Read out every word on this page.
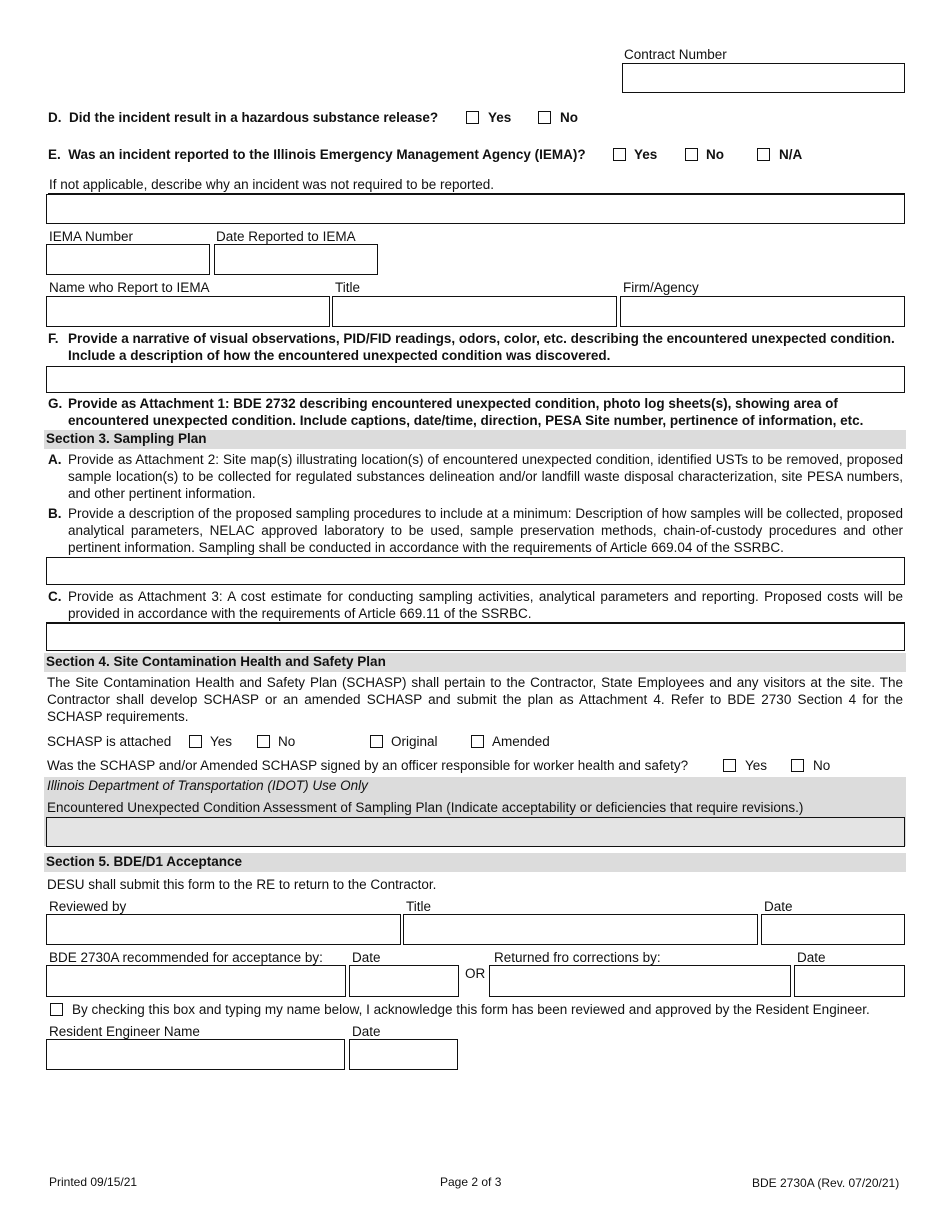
Contract Number
D. Did the incident result in a hazardous substance release?	Yes	No
E. Was an incident reported to the Illinois Emergency Management Agency (IEMA)?	Yes	No	N/A
If not applicable, describe why an incident was not required to be reported.
IEMA Number	Date Reported to IEMA
Name who Report to IEMA	Title	Firm/Agency
F. Provide a narrative of visual observations, PID/FID readings, odors, color, etc. describing the encountered unexpected condition. Include a description of how the encountered unexpected condition was discovered.
G. Provide as Attachment 1: BDE 2732 describing encountered unexpected condition, photo log sheets(s), showing area of encountered unexpected condition. Include captions, date/time, direction, PESA Site number, pertinence of information, etc.
Section 3. Sampling Plan
A. Provide as Attachment 2: Site map(s) illustrating location(s) of encountered unexpected condition, identified USTs to be removed, proposed sample location(s) to be collected for regulated substances delineation and/or landfill waste disposal characterization, site PESA numbers, and other pertinent information.
B. Provide a description of the proposed sampling procedures to include at a minimum: Description of how samples will be collected, proposed analytical parameters, NELAC approved laboratory to be used, sample preservation methods, chain-of-custody procedures and other pertinent information. Sampling shall be conducted in accordance with the requirements of Article 669.04 of the SSRBC.
C. Provide as Attachment 3: A cost estimate for conducting sampling activities, analytical parameters and reporting. Proposed costs will be provided in accordance with the requirements of Article 669.11 of the SSRBC.
Section 4. Site Contamination Health and Safety Plan
The Site Contamination Health and Safety Plan (SCHASP) shall pertain to the Contractor, State Employees and any visitors at the site. The Contractor shall develop SCHASP or an amended SCHASP and submit the plan as Attachment 4. Refer to BDE 2730 Section 4 for the SCHASP requirements.
SCHASP is attached	Yes	No	Original	Amended
Was the SCHASP and/or Amended SCHASP signed by an officer responsible for worker health and safety?	Yes	No
Illinois Department of Transportation (IDOT) Use Only
Encountered Unexpected Condition Assessment of Sampling Plan (Indicate acceptability or deficiencies that require revisions.)
Section 5. BDE/D1 Acceptance
DESU shall submit this form to the RE to return to the Contractor.
Reviewed by	Title	Date
BDE 2730A recommended for acceptance by: Date	Returned fro corrections by:	Date
OR
By checking this box and typing my name below, I acknowledge this form has been reviewed and approved by the Resident Engineer.
Resident Engineer Name	Date
Printed 09/15/21	Page 2 of 3	BDE 2730A (Rev. 07/20/21)
